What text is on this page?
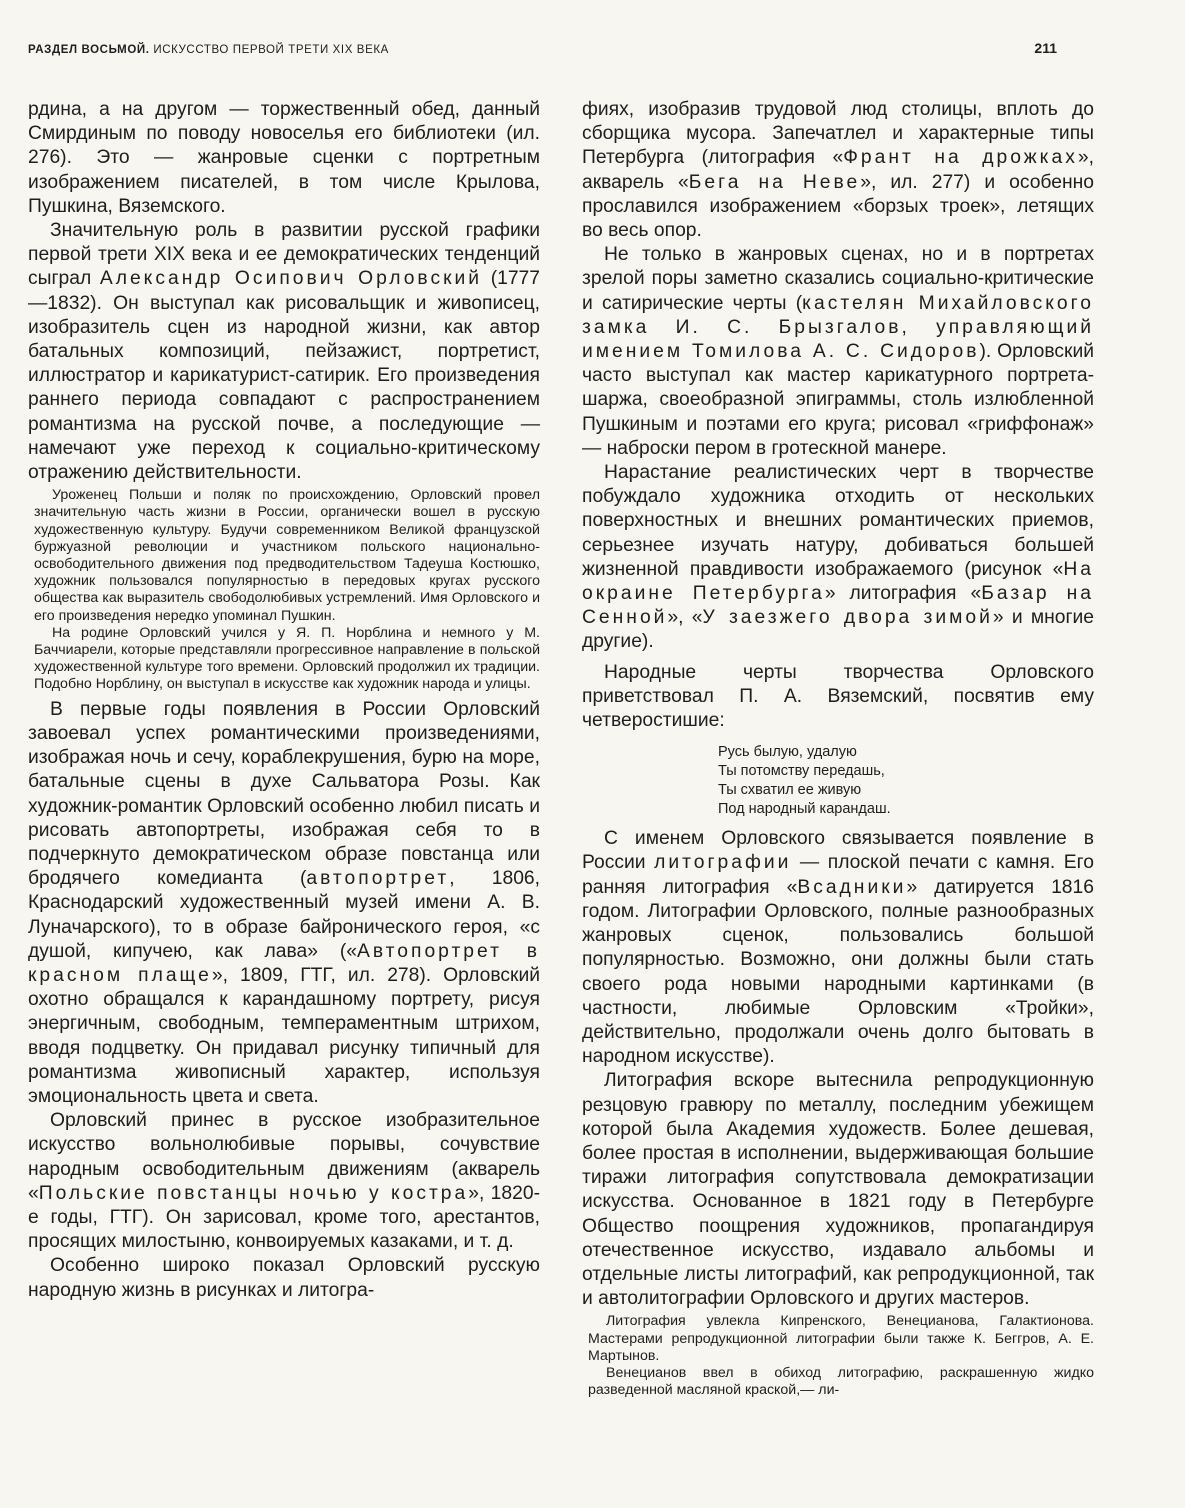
РАЗДЕЛ ВОСЬМОЙ. ИСКУССТВО ПЕРВОЙ ТРЕТИ XIX ВЕКА	211

рдина, а на другом — торжественный обед, данный Смирдиным по поводу новоселья его библиотеки (ил. 276). Это — жанровые сценки с портретным изображением писателей, в том числе Крылова, Пушкина, Вяземского.

Значительную роль в развитии русской графики первой трети XIX века и ее демократических тенденций сыграл Александр Осипович Орловский (1777—1832). Он выступал как рисовальщик и живописец, изобразитель сцен из народной жизни, как автор батальных композиций, пейзажист, портретист, иллюстратор и карикатурист-сатирик. Его произведения раннего периода совпадают с распространением романтизма на русской почве, а последующие — намечают уже переход к социально-критическому отражению действительности.

Уроженец Польши и поляк по происхождению, Орловский провел значительную часть жизни в России, органически вошел в русскую художественную культуру. Будучи современником Великой французской буржуазной революции и участником польского национально-освободительного движения под предводительством Тадеуша Костюшко, художник пользовался популярностью в передовых кругах русского общества как выразитель свободолюбивых устремлений. Имя Орловского и его произведения нередко упоминал Пушкин.

На родине Орловский учился у Я. П. Норблина и немного у М. Баччиарели, которые представляли прогрессивное направление в польской художественной культуре того времени. Орловский продолжил их традиции. Подобно Норблину, он выступал в искусстве как художник народа и улицы.

В первые годы появления в России Орловский завоевал успех романтическими произведениями, изображая ночь и сечу, кораблекрушения, бурю на море, батальные сцены в духе Сальватора Розы. Как художник-романтик Орловский особенно любил писать и рисовать автопортреты, изображая себя то в подчеркнуто демократическом образе повстанца или бродячего комедианта (автопортрет, 1806, Краснодарский художественный музей имени А. В. Луначарского), то в образе байронического героя, «с душой, кипучею, как лава» («Автопортрет в красном плаще», 1809, ГТГ, ил. 278). Орловский охотно обращался к карандашному портрету, рисуя энергичным, свободным, темпераментным штрихом, вводя подцветку. Он придавал рисунку типичный для романтизма живописный характер, используя эмоциональность цвета и света.

Орловский принес в русское изобразительное искусство вольнолюбивые порывы, сочувствие народным освободительным движениям (акварель «Польские повстанцы ночью у костра», 1820-е годы, ГТГ). Он зарисовал, кроме того, арестантов, просящих милостыню, конвоируемых казаками, и т. д.

Особенно широко показал Орловский русскую народную жизнь в рисунках и литогра-

фиях, изобразив трудовой люд столицы, вплоть до сборщика мусора. Запечатлел и характерные типы Петербурга (литография «Франт на дрожках», акварель «Бега на Неве», ил. 277) и особенно прославился изображением «борзых троек», летящих во весь опор.

Не только в жанровых сценах, но и в портретах зрелой поры заметно сказались социально-критические и сатирические черты (кастелян Михайловского замка И. С. Брызгалов, управляющий имением Томилова А. С. Сидоров). Орловский часто выступал как мастер карикатурного портрета-шаржа, своеобразной эпиграммы, столь излюбленной Пушкиным и поэтами его круга; рисовал «гриффонаж» — наброски пером в гротескной манере.

Нарастание реалистических черт в творчестве побуждало художника отходить от нескольких поверхностных и внешних романтических приемов, серьезнее изучать натуру, добиваться большей жизненной правдивости изображаемого (рисунок «На окраине Петербурга» литография «Базар на Сенной», «У заезжего двора зимой» и многие другие).

Народные черты творчества Орловского приветствовал П. А. Вяземский, посвятив ему четверостишие:

Русь былую, удалую
Ты потомству передашь,
Ты схватил ее живую
Под народный карандаш.

С именем Орловского связывается появление в России литографии — плоской печати с камня. Его ранняя литография «Всадники» датируется 1816 годом. Литографии Орловского, полные разнообразных жанровых сценок, пользовались большой популярностью. Возможно, они должны были стать своего рода новыми народными картинками (в частности, любимые Орловским «Тройки», действительно, продолжали очень долго бытовать в народном искусстве).

Литография вскоре вытеснила репродукционную резцовую гравюру по металлу, последним убежищем которой была Академия художеств. Более дешевая, более простая в исполнении, выдерживающая большие тиражи литография сопутствовала демократизации искусства. Основанное в 1821 году в Петербурге Общество поощрения художников, пропагандируя отечественное искусство, издавало альбомы и отдельные листы литографий, как репродукционной, так и автолитографии Орловского и других мастеров.

Литография увлекла Кипренского, Венецианова, Галактионова. Мастерами репродукционной литографии были также К. Беггров, А. Е. Мартынов.

Венецианов ввел в обиход литографию, раскрашенную жидко разведенной масляной краской,— ли-
